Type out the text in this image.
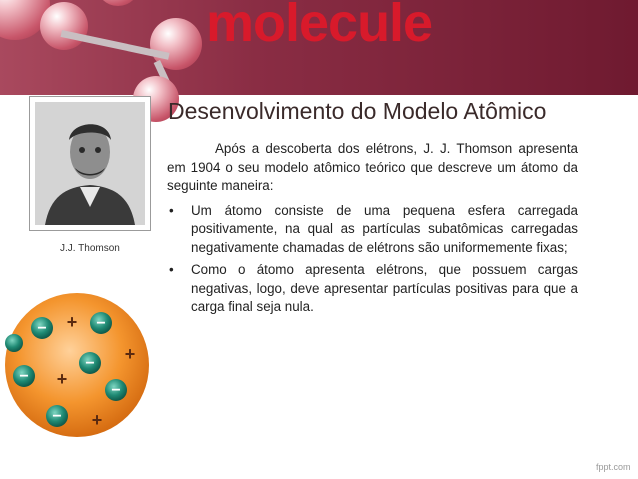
molecule
J.J. Thomson
Desenvolvimento do Modelo Atômico

Após a descoberta dos elétrons, J. J. Thomson apresenta em 1904 o seu modelo atômico teórico que descreve um átomo da seguinte maneira:

• Um átomo consiste de uma pequena esfera carregada positivamente, na qual as partículas subatômicas carregadas negativamente chamadas de elétrons são uniformemente fixas;
• Como o átomo apresenta elétrons, que possuem cargas negativas, logo, deve apresentar partículas positivas para que a carga final seja nula.
−	−
−
−
−
−
+
+
+
+
fppt.com
